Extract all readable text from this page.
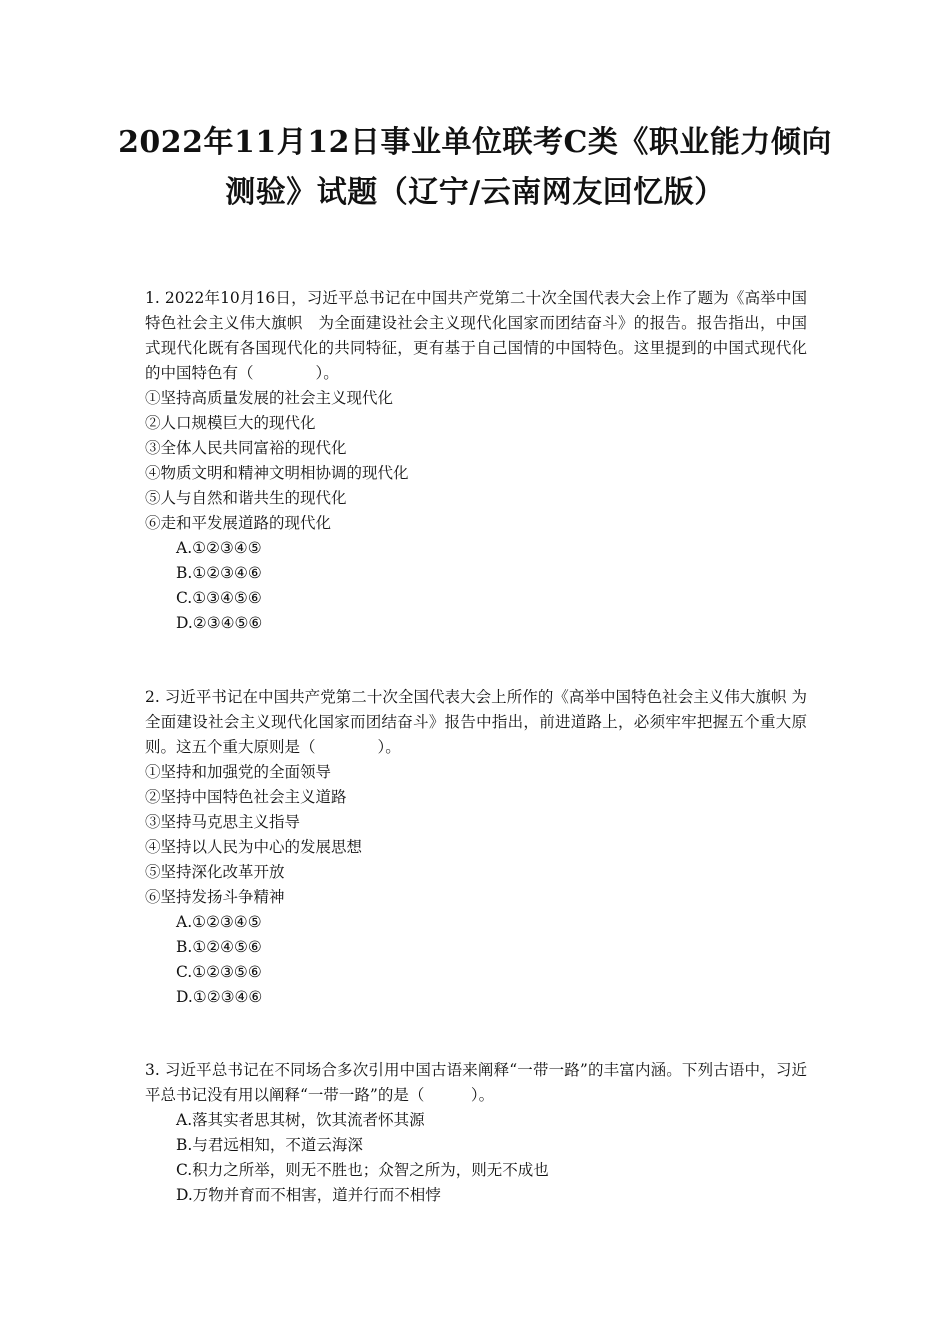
2022年11月12日事业单位联考C类《职业能力倾向
测验》试题（辽宁/云南网友回忆版）
1. 2022年10月16日，习近平总书记在中国共产党第二十次全国代表大会上作了题为《高举中国特色社会主义伟大旗帜　为全面建设社会主义现代化国家而团结奋斗》的报告。报告指出，中国式现代化既有各国现代化的共同特征，更有基于自己国情的中国特色。这里提到的中国式现代化的中国特色有（　　　　）。
①坚持高质量发展的社会主义现代化
②人口规模巨大的现代化
③全体人民共同富裕的现代化
④物质文明和精神文明相协调的现代化
⑤人与自然和谐共生的现代化
⑥走和平发展道路的现代化
A.①②③④⑤
B.①②③④⑥
C.①③④⑤⑥
D.②③④⑤⑥
2. 习近平书记在中国共产党第二十次全国代表大会上所作的《高举中国特色社会主义伟大旗帜 为全面建设社会主义现代化国家而团结奋斗》报告中指出，前进道路上，必须牢牢把握五个重大原则。这五个重大原则是（　　　　）。
①坚持和加强党的全面领导
②坚持中国特色社会主义道路
③坚持马克思主义指导
④坚持以人民为中心的发展思想
⑤坚持深化改革开放
⑥坚持发扬斗争精神
A.①②③④⑤
B.①②④⑤⑥
C.①②③⑤⑥
D.①②③④⑥
3. 习近平总书记在不同场合多次引用中国古语来阐释“一带一路”的丰富内涵。下列古语中，习近平总书记没有用以阐释“一带一路”的是（　　　）。
A.落其实者思其树，饮其流者怀其源
B.与君远相知，不道云海深
C.积力之所举，则无不胜也；众智之所为，则无不成也
D.万物并育而不相害，道并行而不相悖
